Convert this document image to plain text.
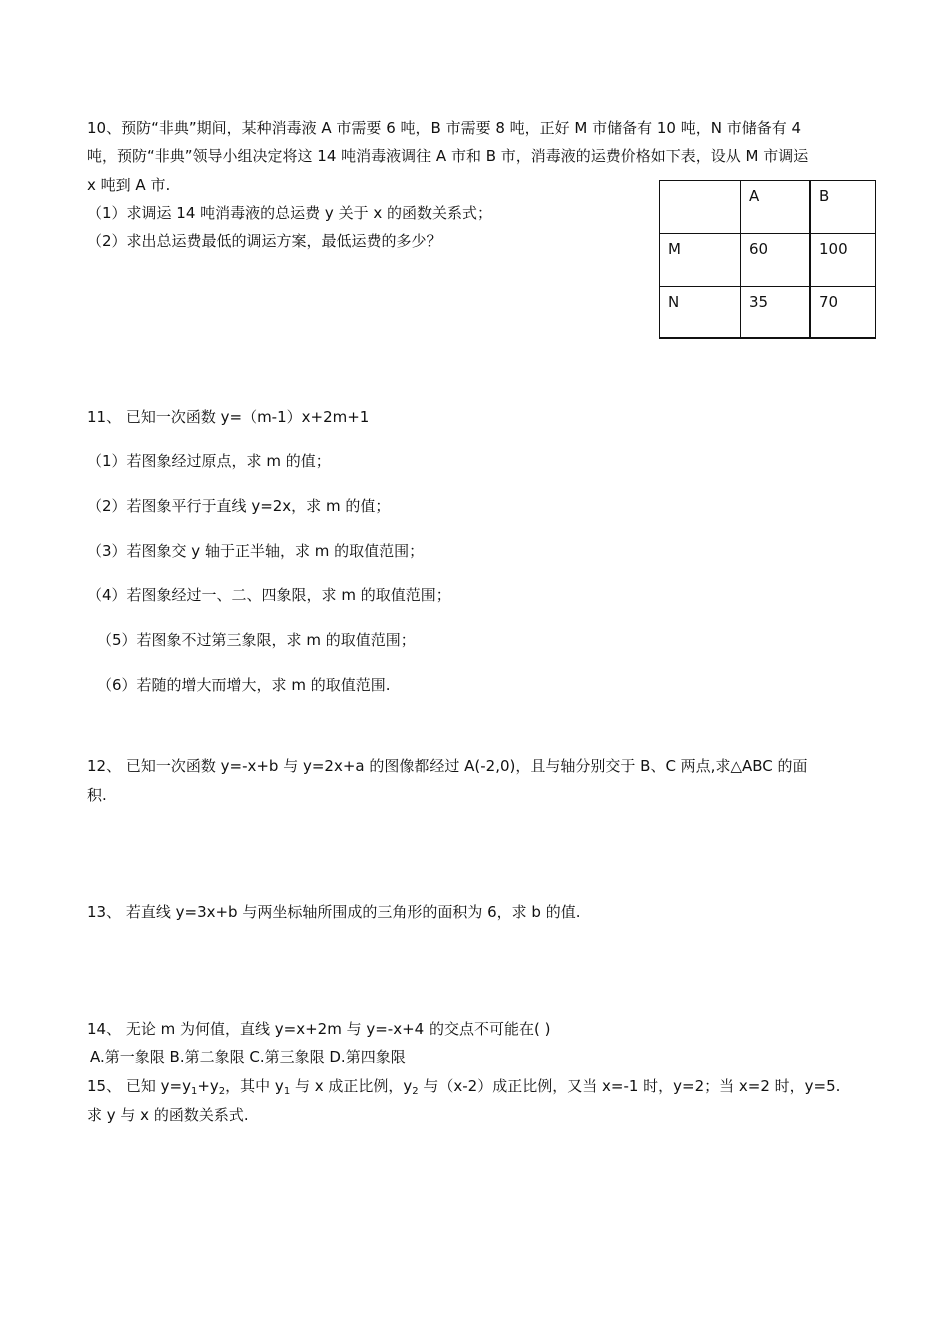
10、预防“非典”期间，某种消毒液 A 市需要 6 吨，B 市需要 8 吨，正好 M 市储备有 10 吨，N 市储备有 4
吨，预防“非典”领导小组决定将这 14 吨消毒液调往 A 市和 B 市，消毒液的运费价格如下表，设从 M 市调运
x 吨到 A 市.
（1）求调运 14 吨消毒液的总运费 y 关于 x 的函数关系式；
（2）求出总运费最低的调运方案，最低运费的多少？
	A	B
M	60	100
N	35	70
11、 已知一次函数 y=（m-1）x+2m+1
（1）若图象经过原点，求 m 的值；
（2）若图象平行于直线 y=2x，求 m 的值；
（3）若图象交 y 轴于正半轴，求 m 的取值范围；
（4）若图象经过一、二、四象限，求 m 的取值范围；
（5）若图象不过第三象限，求 m 的取值范围；
（6）若随的增大而增大，求 m 的取值范围.
12、 已知一次函数 y=-x+b 与 y=2x+a 的图像都经过 A(-2,0)，且与轴分别交于 B、C 两点,求△ABC 的面
积.
13、 若直线 y=3x+b 与两坐标轴所围成的三角形的面积为 6，求 b 的值.
14、 无论 m 为何值，直线 y=x+2m 与 y=-x+4 的交点不可能在( )
A.第一象限 B.第二象限 C.第三象限 D.第四象限
15、 已知 $y=y_1+y_2$，其中 $y_1$ 与 x 成正比例，$y_2$ 与（x-2）成正比例，又当 x=-1 时，y=2；当 x=2 时，y=5.
求 y 与 x 的函数关系式.
